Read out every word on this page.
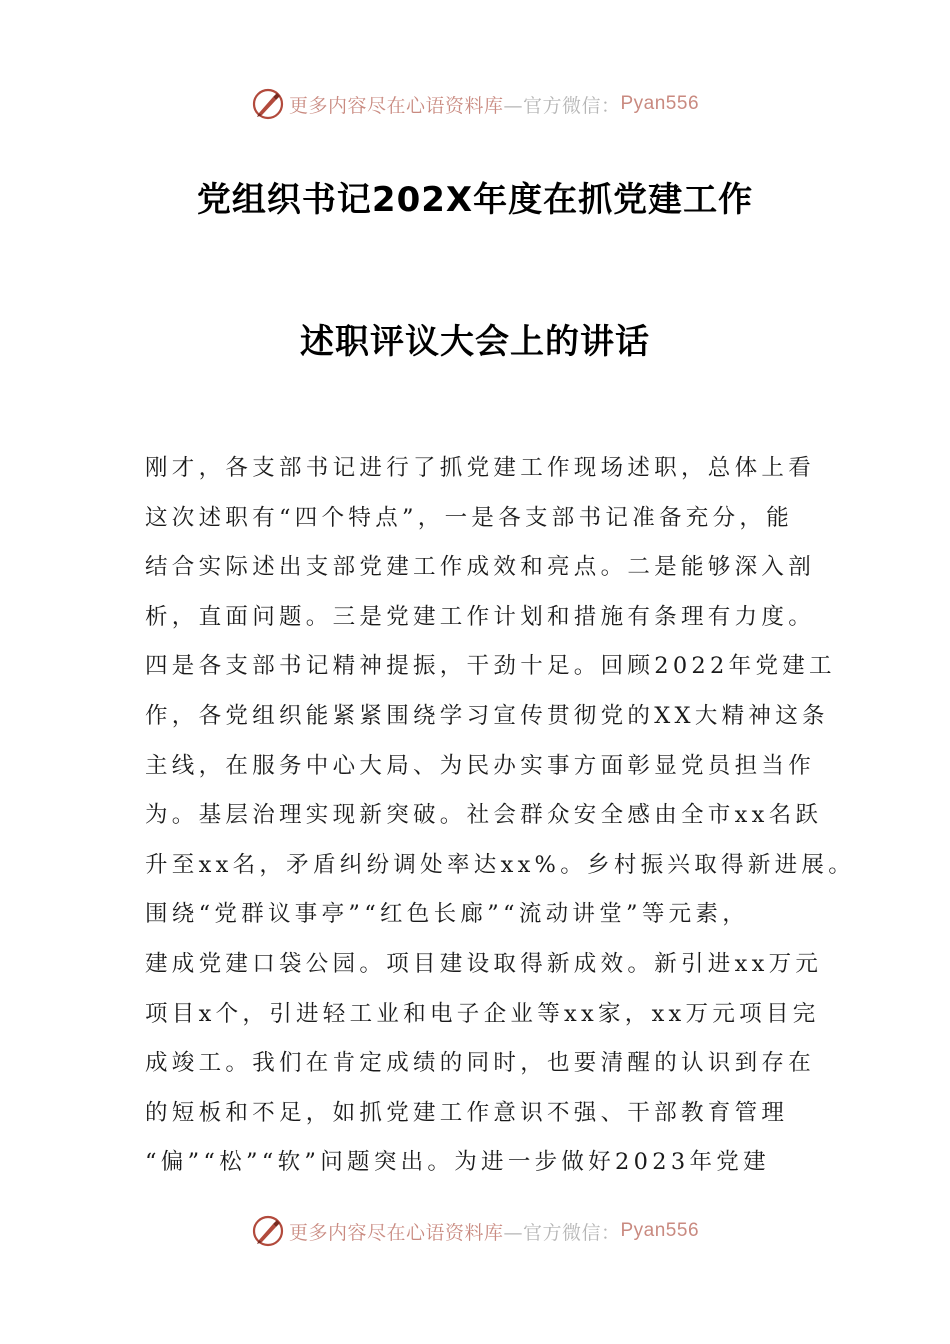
更多内容尽在心语资料库 —官方微信： Pyan556
党组织书记202X年度在抓党建工作
述职评议大会上的讲话
刚才，各支部书记进行了抓党建工作现场述职，总体上看
这次述职有“四个特点”，一是各支部书记准备充分，能
结合实际述出支部党建工作成效和亮点。二是能够深入剖
析，直面问题。三是党建工作计划和措施有条理有力度。
四是各支部书记精神提振，干劲十足。回顾2022年党建工
作，各党组织能紧紧围绕学习宣传贯彻党的XX大精神这条
主线，在服务中心大局、为民办实事方面彰显党员担当作
为。基层治理实现新突破。社会群众安全感由全市xx名跃
升至xx名，矛盾纠纷调处率达xx%。乡村振兴取得新进展。
围绕“党群议事亭”“红色长廊”“流动讲堂”等元素，
建成党建口袋公园。项目建设取得新成效。新引进xx万元
项目x个，引进轻工业和电子企业等xx家，xx万元项目完
成竣工。我们在肯定成绩的同时，也要清醒的认识到存在
的短板和不足，如抓党建工作意识不强、干部教育管理
“偏”“松”“软”问题突出。为进一步做好2023年党建
更多内容尽在心语资料库 —官方微信： Pyan556
